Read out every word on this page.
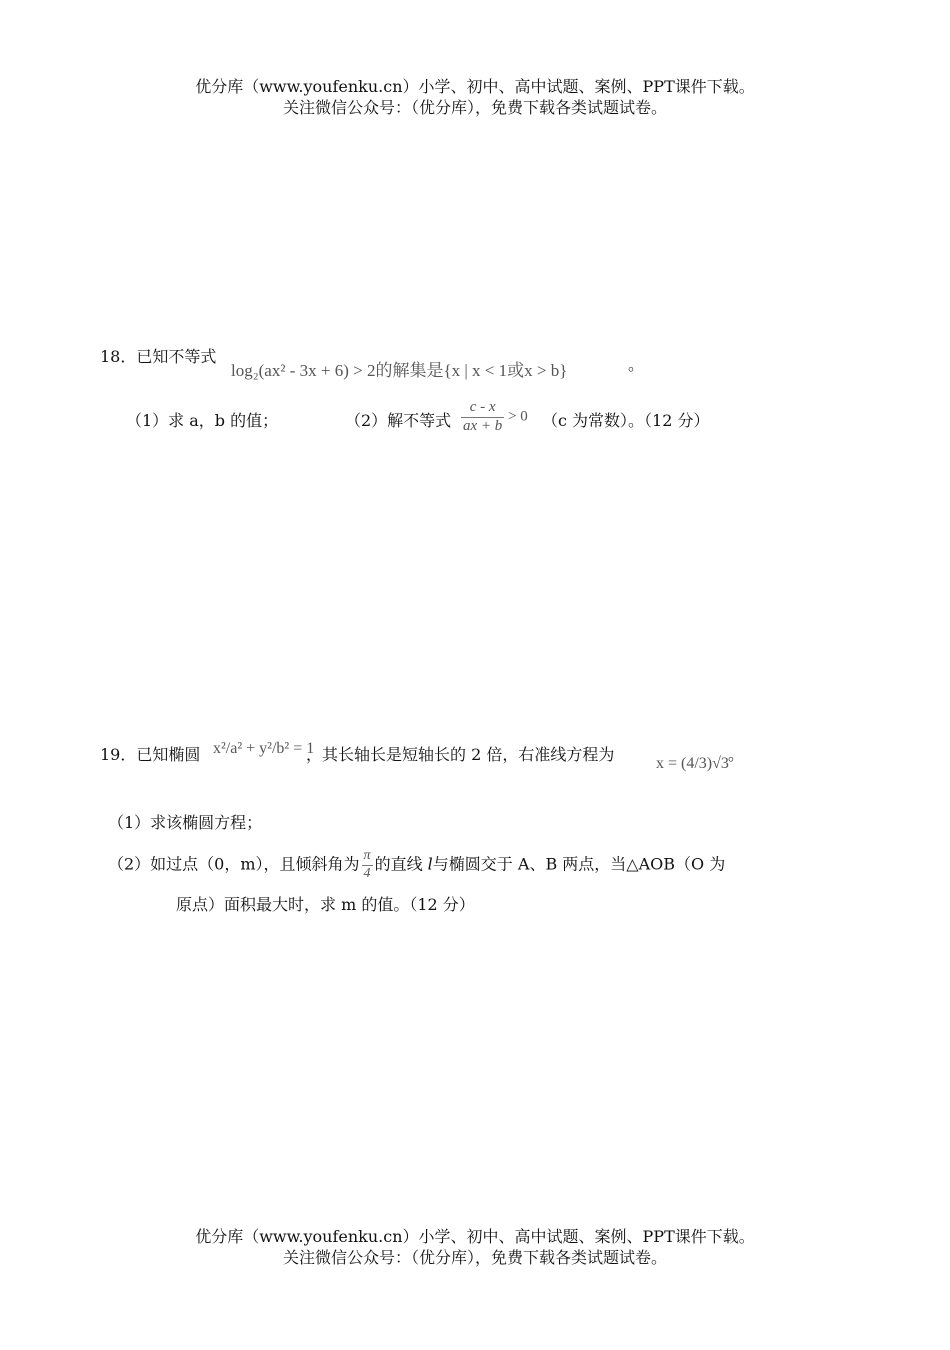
优分库（www.youfenku.cn）小学、初中、高中试题、案例、PPT课件下载。
关注微信公众号：（优分库），免费下载各类试题试卷。
18．已知不等式
log₂(ax² - 3x + 6) > 2的解集是{x | x < 1或x > b}	。
（1）求 a，b 的值；	（2）解不等式 $\frac{c - x}{ax + b} > 0$ （c 为常数）。（12 分）
19．已知椭圆 x²/a² + y²/b² = 1
，其长轴长是短轴长的 2 倍，右准线方程为	x = (4/3)√3 。
（1）求该椭圆方程；
（2）如过点（0，m），且倾斜角为 $\frac{\pi}{4}$ 的直线 l与椭圆交于 A、B 两点，当△AOB（O 为
原点）面积最大时，求 m 的值。（12 分）
优分库（www.youfenku.cn）小学、初中、高中试题、案例、PPT课件下载。
关注微信公众号：（优分库），免费下载各类试题试卷。
